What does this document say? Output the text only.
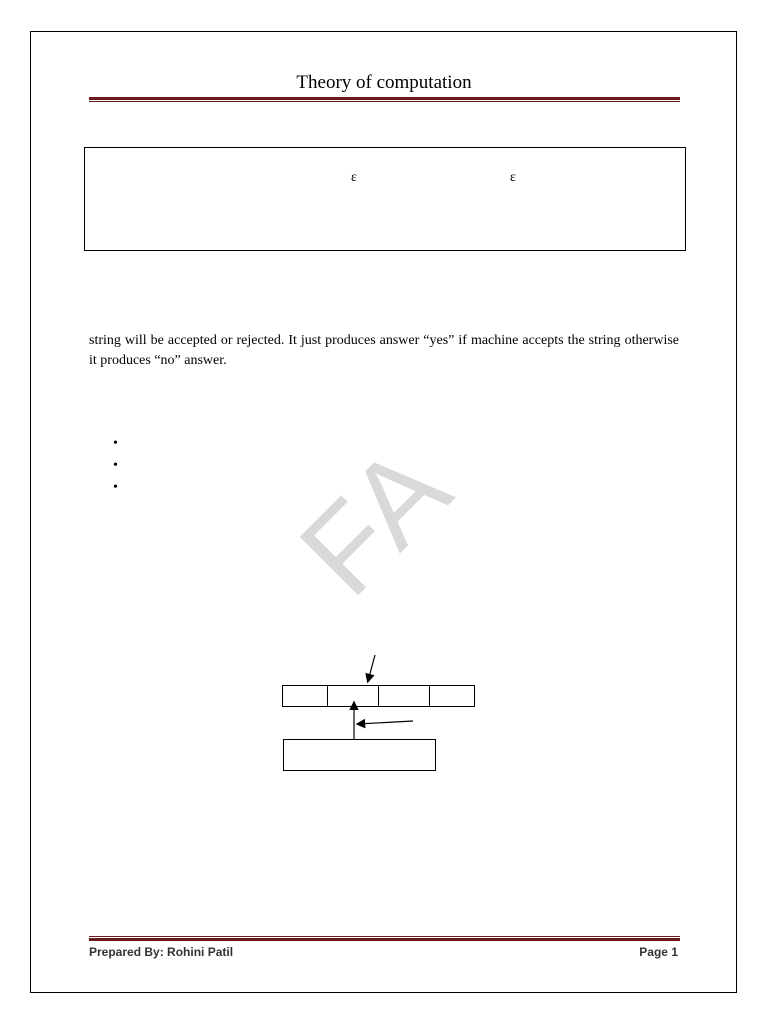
Theory of computation
ε	ε
string will be accepted or rejected. It just produces answer “yes” if machine accepts the string otherwise it produces “no” answer.
•
•
• FA
Prepared By: Rohini Patil	Page 1
